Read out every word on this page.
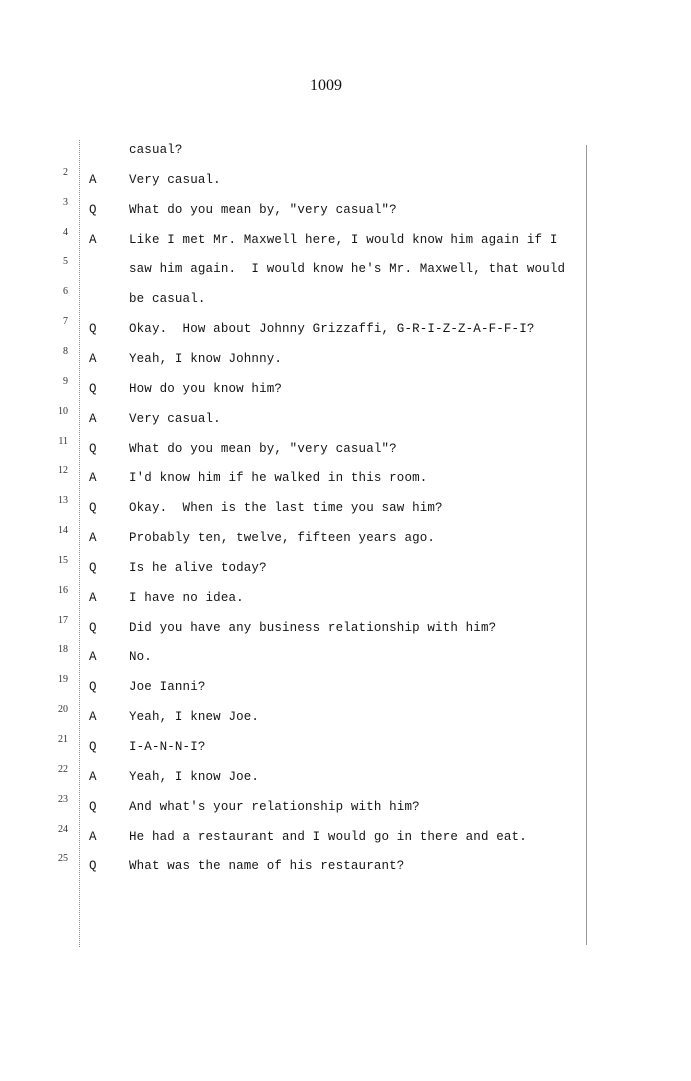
1009
casual?
2
A	Very casual.
3
Q	What do you mean by, "very casual"?
4
A	Like I met Mr. Maxwell here, I would know him again if I
5
saw him again.  I would know he's Mr. Maxwell, that would
6
be casual.
7
Q	Okay.  How about Johnny Grizzaffi, G-R-I-Z-Z-A-F-F-I?
8
A	Yeah, I know Johnny.
9
Q	How do you know him?
10
A	Very casual.
11
Q	What do you mean by, "very casual"?
12
A	I'd know him if he walked in this room.
13
Q	Okay.  When is the last time you saw him?
14
A	Probably ten, twelve, fifteen years ago.
15
Q	Is he alive today?
16
A	I have no idea.
17
Q	Did you have any business relationship with him?
18
A	No.
19
Q	Joe Ianni?
20
A	Yeah, I knew Joe.
21
Q	I-A-N-N-I?
22
A	Yeah, I know Joe.
23
Q	And what's your relationship with him?
24
A	He had a restaurant and I would go in there and eat.
25
Q	What was the name of his restaurant?
